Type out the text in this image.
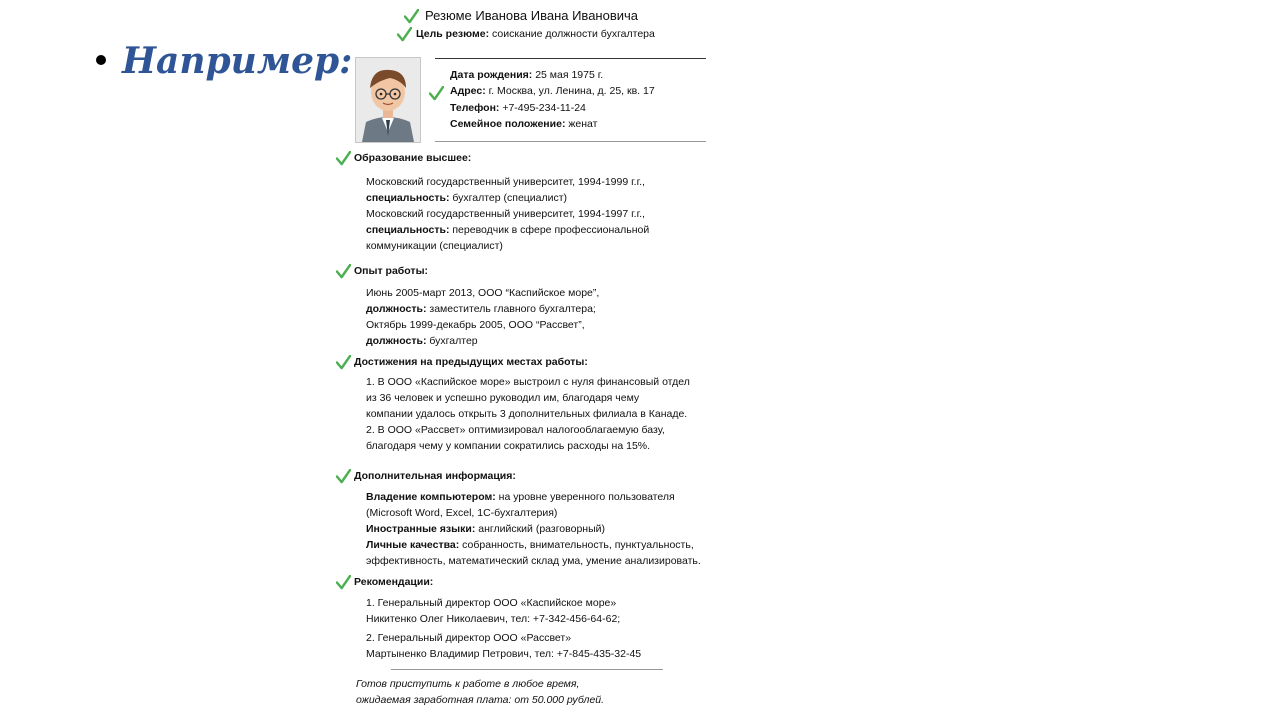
Например:
Резюме Иванова Ивана Ивановича
Цель резюме: соискание должности бухгалтера
Дата рождения: 25 мая 1975 г.
Адрес: г. Москва, ул. Ленина, д. 25, кв. 17
Телефон: +7-495-234-11-24
Семейное положение: женат
Образование высшее:
Московский государственный университет, 1994-1999 г.г.,
специальность: бухгалтер (специалист)
Московский государственный университет, 1994-1997 г.г.,
специальность: переводчик в сфере профессиональной
коммуникации (специалист)
Опыт работы:
Июнь 2005-март 2013, ООО “Каспийское море”,
должность: заместитель главного бухгалтера;
Октябрь 1999-декабрь 2005, ООО “Рассвет”,
должность: бухгалтер
Достижения на предыдущих местах работы:
1. В ООО «Каспийское море» выстроил с нуля финансовый отдел
из 36 человек и успешно руководил им, благодаря чему
компании удалось открыть 3 дополнительных филиала в Канаде.
2. В ООО «Рассвет» оптимизировал налогооблагаемую базу,
благодаря чему у компании сократились расходы на 15%.
Дополнительная информация:
Владение компьютером: на уровне уверенного пользователя
(Microsoft Word, Excel, 1C-бухгалтерия)
Иностранные языки: английский (разговорный)
Личные качества: собранность, внимательность, пунктуальность,
эффективность, математический склад ума, умение анализировать.
Рекомендации:
1. Генеральный директор ООО «Каспийское море»
Никитенко Олег Николаевич, тел: +7-342-456-64-62;
2. Генеральный директор ООО «Рассвет»
Мартыненко Владимир Петрович, тел: +7-845-435-32-45
Готов приступить к работе в любое время,
ожидаемая заработная плата: от 50.000 рублей.
